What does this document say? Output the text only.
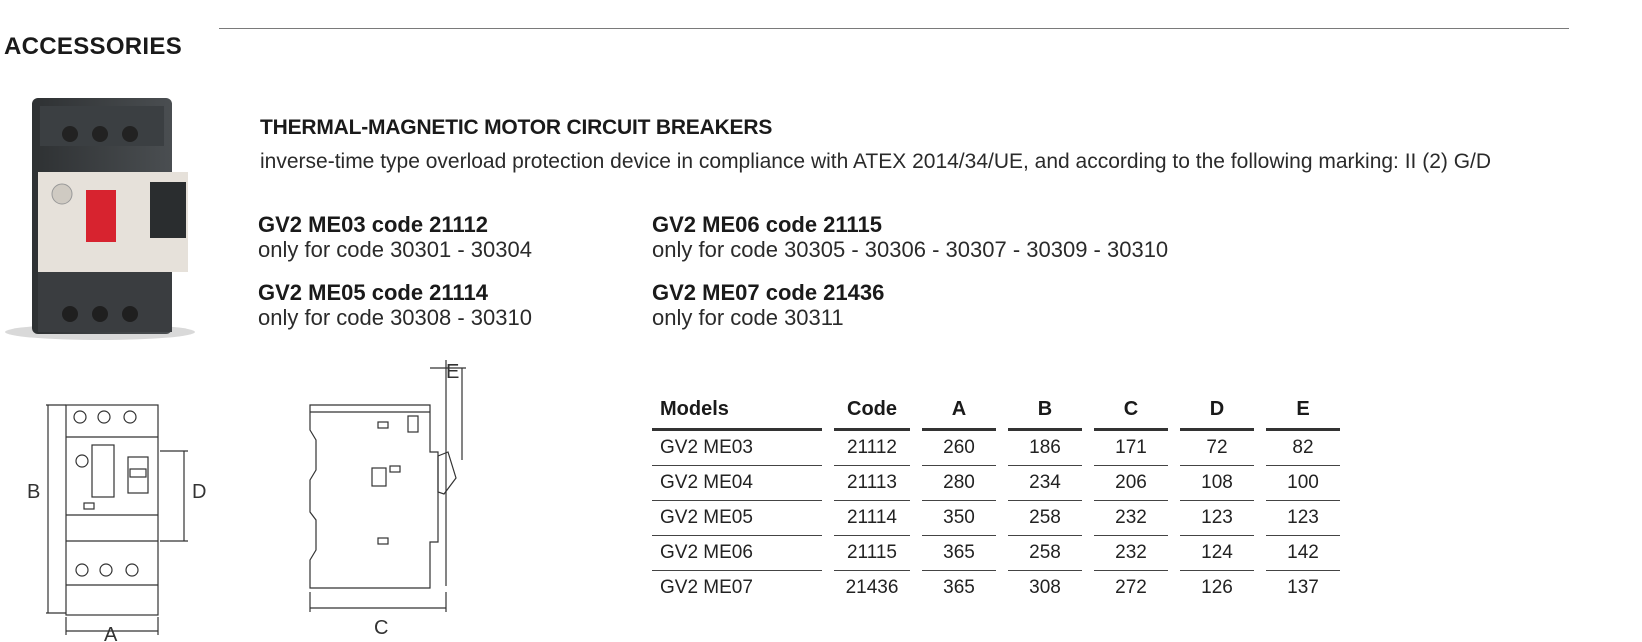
ACCESSORIES
THERMAL-MAGNETIC MOTOR CIRCUIT BREAKERS
inverse-time type overload protection device in compliance with ATEX 2014/34/UE, and according to the following marking: II (2) G/D
GV2 ME03 code 21112
only for code 30301 - 30304
GV2 ME06 code 21115
only for code 30305 - 30306 - 30307 - 30309 - 30310
GV2 ME05 code 21114
only for code 30308 - 30310
GV2 ME07 code 21436
only for code 30311
B	D
A
E
C
Models		Code		A		B		C		D		E
GV2 ME03		21112		260		186		171		72		82
GV2 ME04		21113		280		234		206		108		100
GV2 ME05		21114		350		258		232		123		123
GV2 ME06		21115		365		258		232		124		142
GV2 ME07		21436		365		308		272		126		137
